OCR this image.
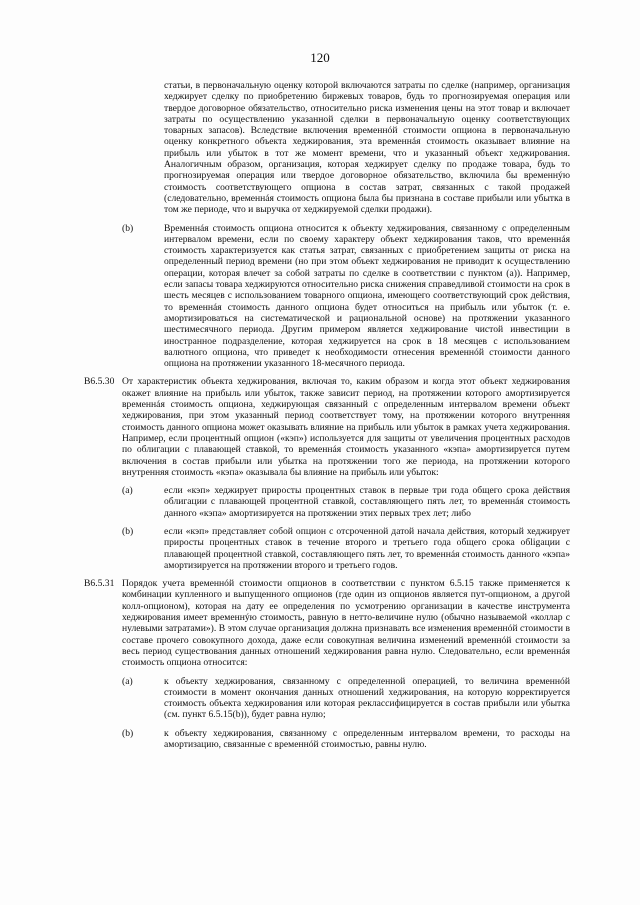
120

статьи, в первоначальную оценку которой включаются затраты по сделке (например, организация хеджирует сделку по приобретению биржевых товаров, будь то прогнозируемая операция или твердое договорное обязательство, относительно риска изменения цены на этот товар и включает затраты по осуществлению указанной сделки в первоначальную оценку соответствующих товарных запасов). Вследствие включения временнóй стоимости опциона в первоначальную оценку конкретного объекта хеджирования, эта временнáя стоимость оказывает влияние на прибыль или убыток в тот же момент времени, что и указанный объект хеджирования. Аналогичным образом, организация, которая хеджирует сделку по продаже товара, будь то прогнозируемая операция или твердое договорное обязательство, включила бы временнýю стоимость соответствующего опциона в состав затрат, связанных с такой продажей (следовательно, временнáя стоимость опциона была бы признана в составе прибыли или убытка в том же периоде, что и выручка от хеджируемой сделки продажи).

(b)	Временнáя стоимость опциона относится к объекту хеджирования, связанному с определенным интервалом времени, если по своему характеру объект хеджирования таков, что временнáя стоимость характеризуется как статья затрат, связанных с приобретением защиты от риска на определенный период времени (но при этом объект хеджирования не приводит к осуществлению операции, которая влечет за собой затраты по сделке в соответствии с пунктом (а)). Например, если запасы товара хеджируются относительно риска снижения справедливой стоимости на срок в шесть месяцев с использованием товарного опциона, имеющего соответствующий срок действия, то временнáя стоимость данного опциона будет относиться на прибыль или убыток (т. е. амортизироваться на систематической и рациональной основе) на протяжении указанного шестимесячного периода. Другим примером является хеджирование чистой инвестиции в иностранное подразделение, которая хеджируется на срок в 18 месяцев с использованием валютного опциона, что приведет к необходимости отнесения временнóй стоимости данного опциона на протяжении указанного 18-месячного периода.
B6.5.30 От характеристик объекта хеджирования, включая то, каким образом и когда этот объект хеджирования окажет влияние на прибыль или убыток, также зависит период, на протяжении которого амортизируется временнáя стоимость опциона, хеджирующая связанный с определенным интервалом времени объект хеджирования, при этом указанный период соответствует тому, на протяжении которого внутренняя стоимость данного опциона может оказывать влияние на прибыль или убыток в рамках учета хеджирования. Например, если процентный опцион («кэп») используется для защиты от увеличения процентных расходов по облигации с плавающей ставкой, то временнáя стоимость указанного «кэпа» амортизируется путем включения в состав прибыли или убытка на протяжении того же периода, на протяжении которого внутренняя стоимость «кэпа» оказывала бы влияние на прибыль или убыток:
(a)	если «кэп» хеджирует приросты процентных ставок в первые три года общего срока действия облигации с плавающей процентной ставкой, составляющего пять лет, то временнáя стоимость данного «кэпа» амортизируется на протяжении этих первых трех лет; либо
(b)	если «кэп» представляет собой опцион с отсроченной датой начала действия, который хеджирует приросты процентных ставок в течение второго и третьего года общего срока обligации с плавающей процентной ставкой, составляющего пять лет, то временнáя стоимость данного «кэпа» амортизируется на протяжении второго и третьего годов.
B6.5.31 Порядок учета временнóй стоимости опционов в соответствии с пунктом 6.5.15 также применяется к комбинации купленного и выпущенного опционов (где один из опционов является пут-опционом, а другой колл-опционом), которая на дату ее определения по усмотрению организации в качестве инструмента хеджирования имеет временнýю стоимость, равную в нетто-величине нулю (обычно называемой «коллар с нулевыми затратами»). В этом случае организация должна признавать все изменения временнóй стоимости в составе прочего совокупного дохода, даже если совокупная величина изменений временнóй стоимости за весь период существования данных отношений хеджирования равна нулю. Следовательно, если временнáя стоимость опциона относится:
(a)	к объекту хеджирования, связанному с определенной операцией, то величина временнóй стоимости в момент окончания данных отношений хеджирования, на которую корректируется стоимость объекта хеджирования или которая реклассифицируется в состав прибыли или убытка (см. пункт 6.5.15(b)), будет равна нулю;
(b)	к объекту хеджирования, связанному с определенным интервалом времени, то расходы на амортизацию, связанные с временнóй стоимостью, равны нулю.
